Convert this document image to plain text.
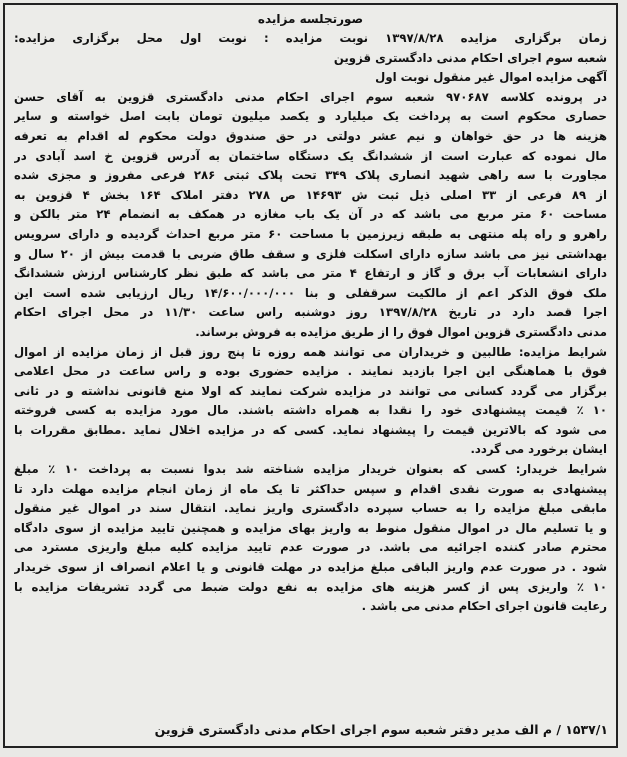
صورتجلسه مزایده

زمان برگزاری مزایده ۱۳۹۷/۸/۲۸ نوبت مزایده : نوبت اول محل برگزاری مزایده:

شعبه سوم اجرای احکام مدنی دادگستری قزوین

آگهی مزایده اموال غیر منقول نوبت اول

در پرونده کلاسه ۹۷۰۶۸۷ شعبه سوم اجرای احکام مدنی دادگستری قزوین به آقای حسن

حصاری محکوم است به پرداخت یک میلیارد و یکصد میلیون تومان بابت اصل خواسته و سایر

هزینه ها در حق خواهان و نیم عشر دولتی در حق صندوق دولت محکوم له اقدام به تعرفه

مال نموده که عبارت است از ششدانگ یک دستگاه ساختمان به آدرس قزوین خ اسد آبادی در

مجاورت با سه راهی شهید انصاری پلاک ۳۴۹ تحت پلاک ثبتی ۲۸۶ فرعی مفروز و مجزی شده

از ۸۹ فرعی از ۳۳ اصلی ذیل ثبت ش ۱۴۶۹۳ ص ۲۷۸ دفتر املاک ۱۶۴ بخش ۴ قزوین به

مساحت ۶۰ متر مربع می باشد که در آن یک باب مغازه در همکف به انضمام ۲۴ متر بالکن و

راهرو و راه پله منتهی به طبقه زیرزمین با مساحت ۶۰ متر مربع احداث گردیده و دارای سرویس

بهداشتی نیز می باشد سازه دارای اسکلت فلزی و سقف طاق ضربی با قدمت بیش از ۲۰ سال و

دارای انشعابات آب برق و گاز و ارتفاع ۴ متر می باشد که طبق نظر کارشناس ارزش ششدانگ

ملک فوق الذکر اعم از مالکیت سرقفلی و بنا ۱۴/۶۰۰/۰۰۰/۰۰۰ ریال ارزیابی شده است این

اجرا قصد دارد در تاریخ ۱۳۹۷/۸/۲۸ روز دوشنبه راس ساعت ۱۱/۳۰ در محل اجرای احکام

مدنی دادگستری قزوین اموال فوق را از طریق مزایده به فروش برساند.

شرایط مزایده: طالبین و خریداران می توانند همه روزه تا پنج روز قبل از زمان مزایده از اموال

فوق با هماهنگی این اجرا بازدید نمایند . مزایده حضوری بوده و راس ساعت در محل اعلامی

برگزار می گردد کسانی می توانند در مزایده شرکت نمایند که اولا منع قانونی نداشته و در ثانی

۱۰ ٪ قیمت پیشنهادی خود را نقدا به همراه داشته باشند. مال مورد مزایده به کسی فروخته

می شود که بالاترین قیمت را پیشنهاد نماید. کسی که در مزایده اخلال نماید .مطابق مقررات با

ایشان برخورد می گردد.

شرایط خریدار: کسی که بعنوان خریدار مزایده شناخته شد بدوا نسبت به پرداخت ۱۰ ٪ مبلغ

پیشنهادی به صورت نقدی اقدام و سپس حداکثر تا یک ماه از زمان انجام مزایده مهلت دارد تا

مابقی مبلغ مزایده را به حساب سپرده دادگستری واریز نماید. انتقال سند در اموال غیر منقول

و یا تسلیم مال در اموال منقول منوط به واریز بهای مزایده و همچنین تایید مزایده از سوی دادگاه

محترم صادر کننده اجرائیه می باشد. در صورت عدم تایید مزایده کلیه مبلغ واریزی مسترد می

شود . در صورت عدم واریز الباقی مبلغ مزایده در مهلت قانونی و یا اعلام انصراف از سوی خریدار

۱۰ ٪ واریزی پس از کسر هزینه های مزایده به نفع دولت ضبط می گردد تشریفات مزایده با

رعایت قانون اجرای احکام مدنی می باشد .

۱۵۳۷/۱ / م الف مدیر دفتر شعبه سوم اجرای احکام مدنی دادگستری قزوین
